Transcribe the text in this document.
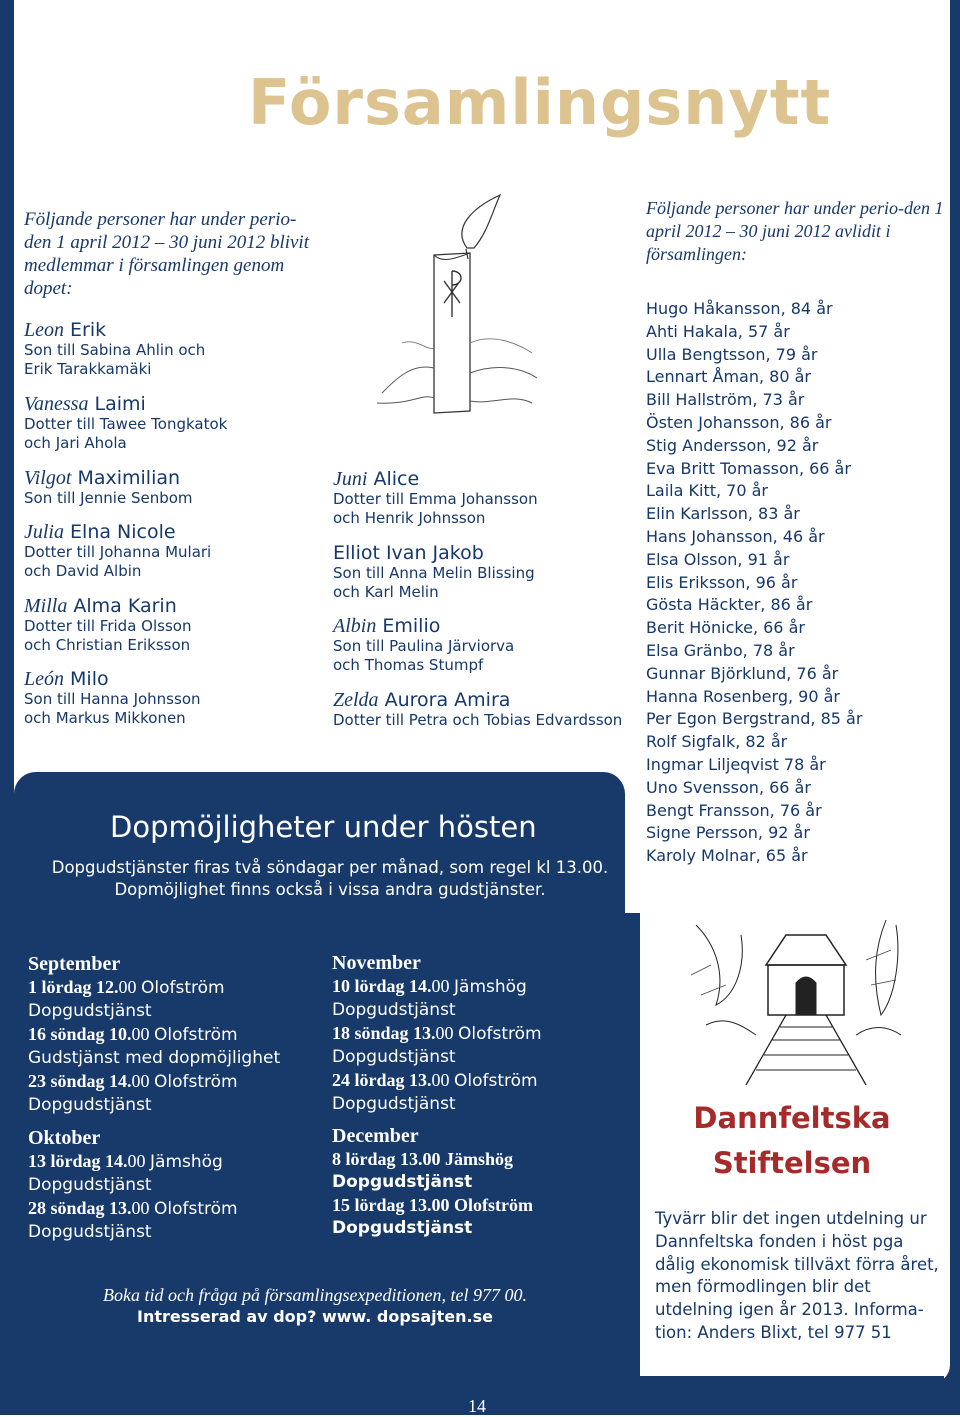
Församlingsnytt
Följande personer har under perio-den 1 april 2012 – 30 juni 2012 blivit medlemmar i församlingen genom dopet:
Leon Erik
Son till Sabina Ahlin och
Erik Tarakkamäki
Vanessa Laimi
Dotter till Tawee Tongkatok
och Jari Ahola
Vilgot Maximilian
Son till Jennie Senbom
Julia Elna Nicole
Dotter till Johanna Mulari
och David Albin
Milla Alma Karin
Dotter till Frida Olsson
och Christian Eriksson
León Milo
Son till Hanna Johnsson
och Markus Mikkonen
Juni Alice
Dotter till Emma Johansson
och Henrik Johnsson
Elliot Ivan Jakob
Son till Anna Melin Blissing
och Karl Melin
Albin Emilio
Son till Paulina Järviorva
och Thomas Stumpf
Zelda Aurora Amira
Dotter till Petra och Tobias Edvardsson
Följande personer har under perio-den 1 april 2012 – 30 juni 2012 avlidit i församlingen:
Hugo Håkansson, 84 år
Ahti Hakala, 57 år
Ulla Bengtsson, 79 år
Lennart Åman, 80 år
Bill Hallström, 73 år
Östen Johansson, 86 år
Stig Andersson, 92 år
Eva Britt Tomasson, 66 år
Laila Kitt, 70 år
Elin Karlsson, 83 år
Hans Johansson, 46 år
Elsa Olsson, 91 år
Elis Eriksson, 96 år
Gösta Häckter, 86 år
Berit Hönicke, 66 år
Elsa Gränbo, 78 år
Gunnar Björklund, 76 år
Hanna Rosenberg, 90 år
Per Egon Bergstrand, 85 år
Rolf Sigfalk, 82 år
Ingmar Liljeqvist 78 år
Uno Svensson, 66 år
Bengt Fransson, 76 år
Signe Persson, 92 år
Karoly Molnar, 65 år
Dannfeltska
Stiftelsen
Tyvärr blir det ingen utdelning ur Dannfeltska fonden i höst pga dålig ekonomisk tillväxt förra året, men förmodlingen blir det utdelning igen år 2013. Informa-tion: Anders Blixt, tel 977 51
Dopmöjligheter under hösten
Dopgudstjänster firas två söndagar per månad, som regel kl 13.00.
Dopmöjlighet finns också i vissa andra gudstjänster.
September
1 lördag 12.00 Olofström
Dopgudstjänst
16 söndag 10.00 Olofström
Gudstjänst med dopmöjlighet
23 söndag 14.00 Olofström
Dopgudstjänst
Oktober
13 lördag 14.00 Jämshög
Dopgudstjänst
28 söndag 13.00 Olofström
Dopgudstjänst
November
10 lördag 14.00 Jämshög
Dopgudstjänst
18 söndag 13.00 Olofström
Dopgudstjänst
24 lördag 13.00 Olofström
Dopgudstjänst
December
8 lördag 13.00 Jämshög
Dopgudstjänst
15 lördag 13.00 Olofström
Dopgudstjänst
Boka tid och fråga på församlingsexpeditionen, tel 977 00.
Intresserad av dop? www. dopsajten.se
14
